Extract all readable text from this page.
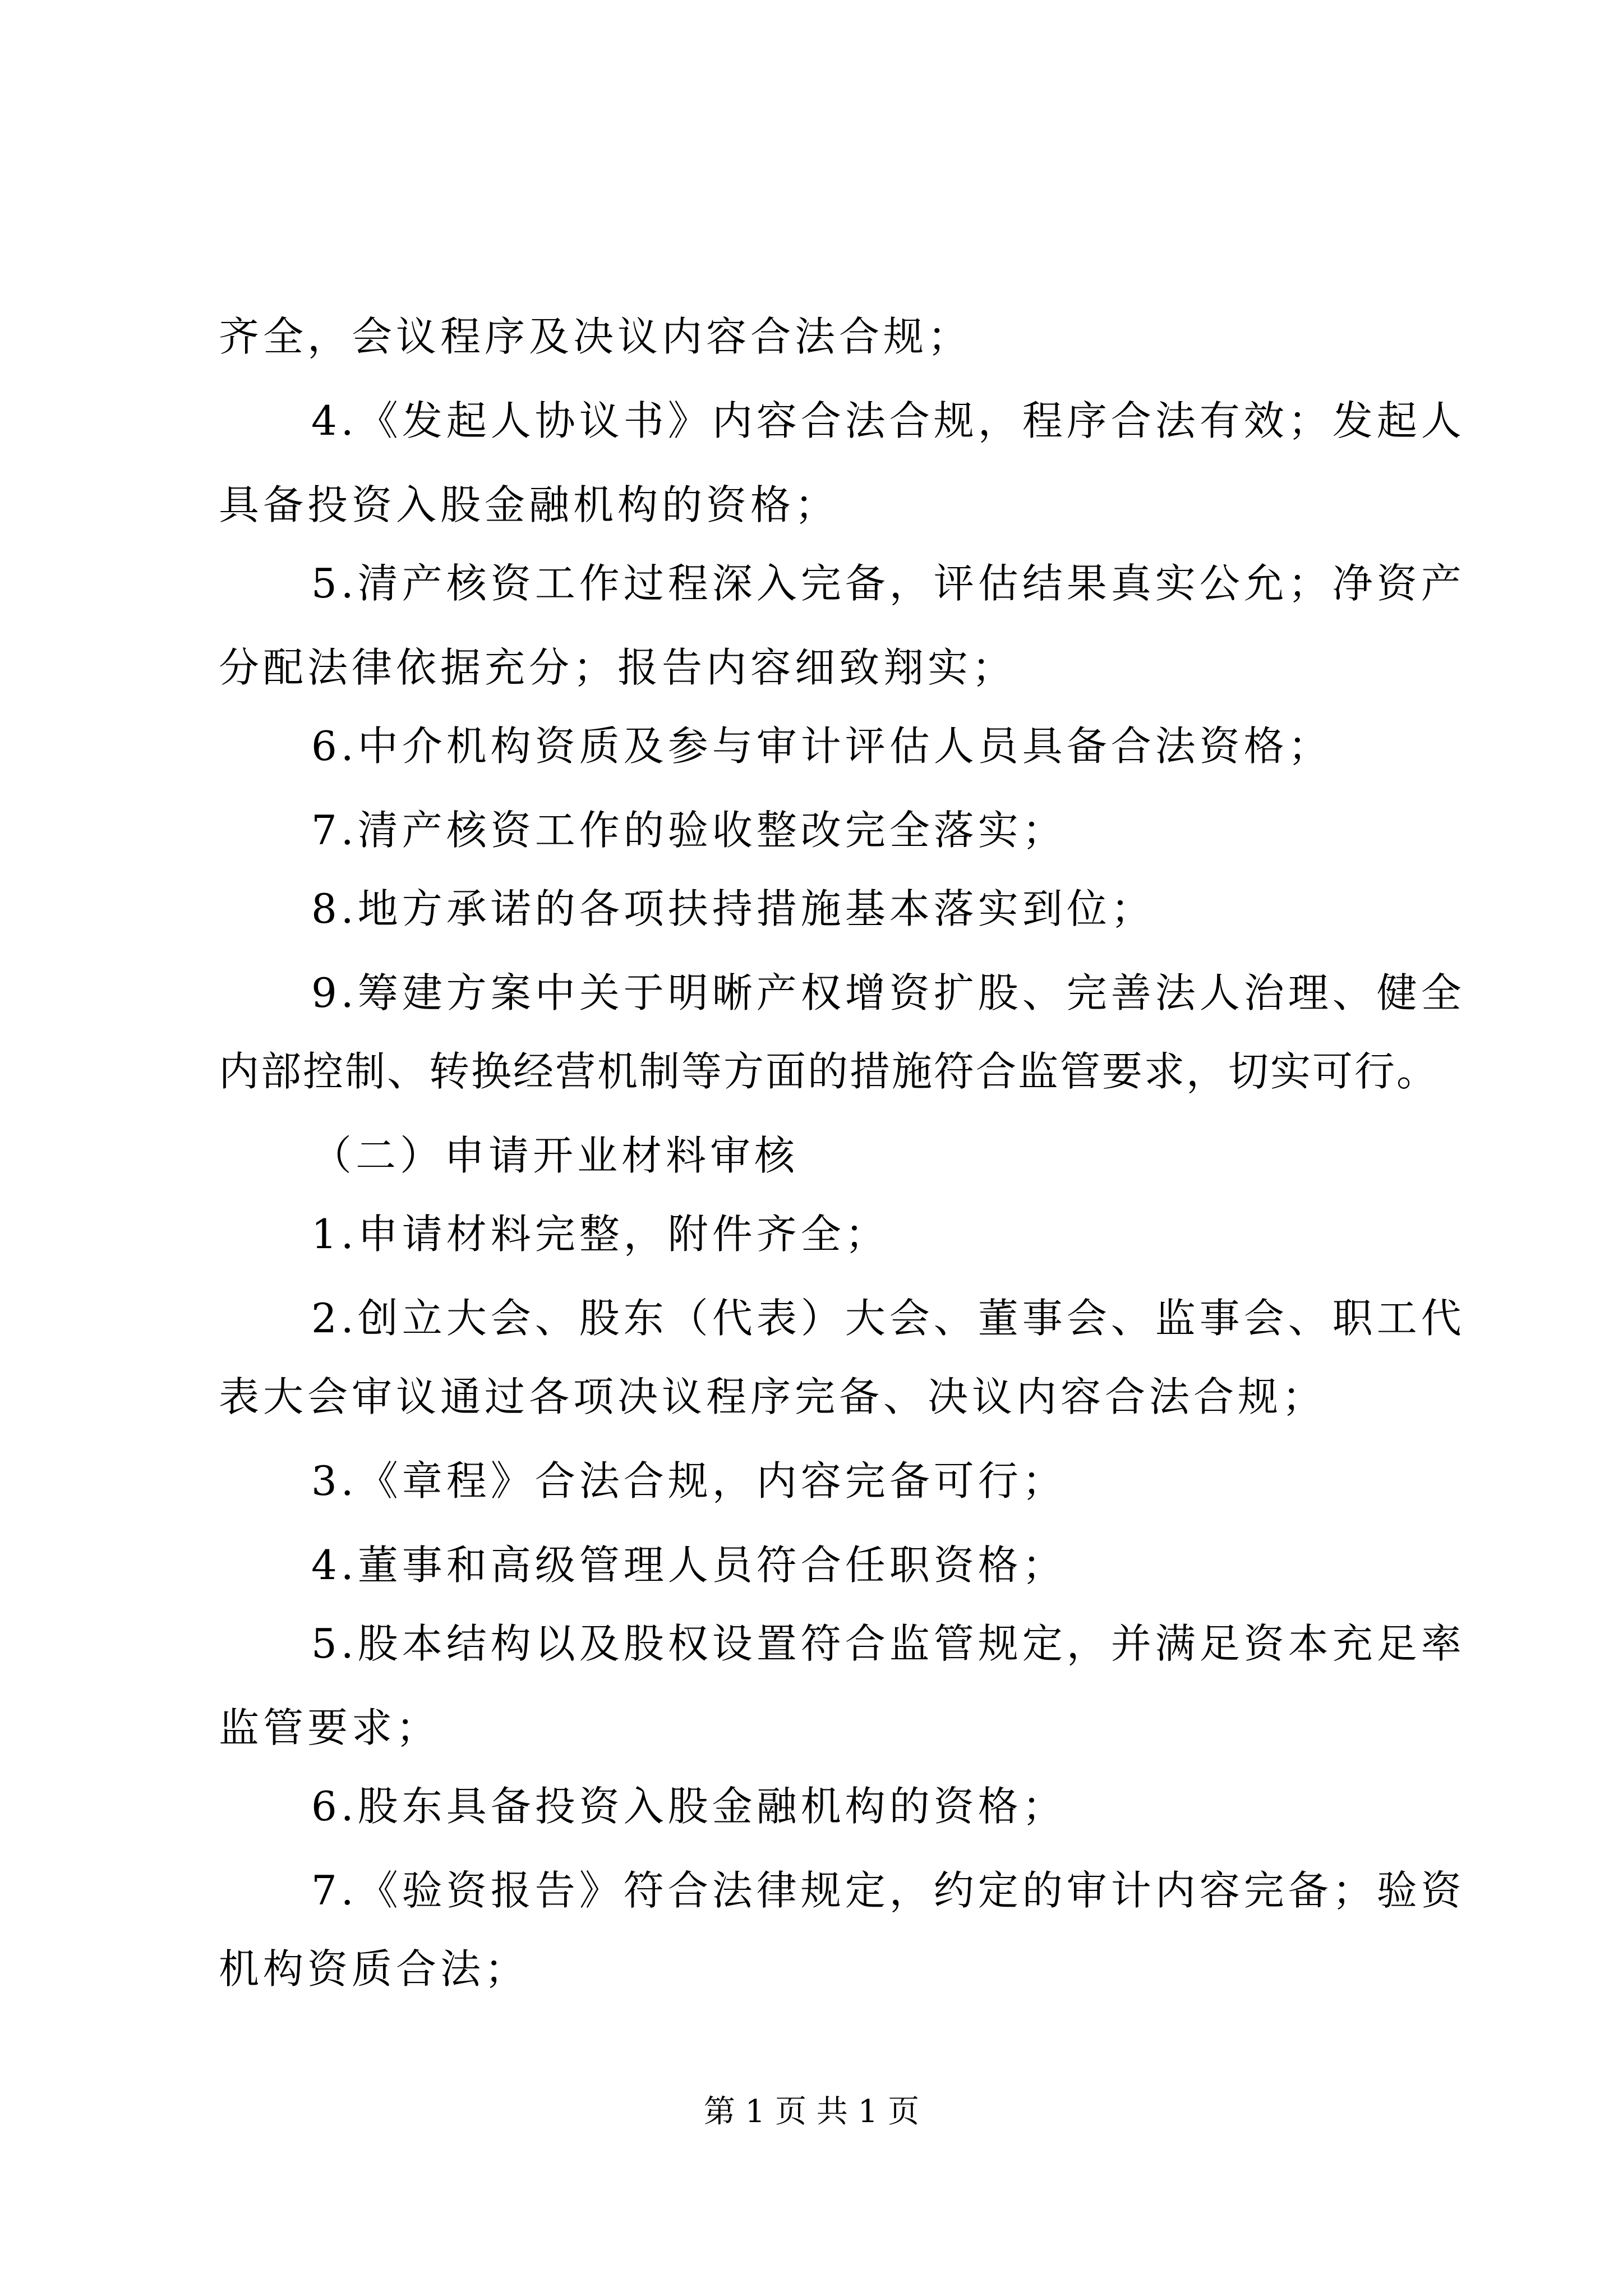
齐全，会议程序及决议内容合法合规；
4.《发起人协议书》内容合法合规，程序合法有效；发起人
具备投资入股金融机构的资格；
5.清产核资工作过程深入完备，评估结果真实公允；净资产
分配法律依据充分；报告内容细致翔实；
6.中介机构资质及参与审计评估人员具备合法资格；
7.清产核资工作的验收整改完全落实；
8.地方承诺的各项扶持措施基本落实到位；
9.筹建方案中关于明晰产权增资扩股、完善法人治理、健全
内部控制、转换经营机制等方面的措施符合监管要求，切实可行。
（二）申请开业材料审核
1.申请材料完整，附件齐全；
2.创立大会、股东（代表）大会、董事会、监事会、职工代
表大会审议通过各项决议程序完备、决议内容合法合规；
3.《章程》合法合规，内容完备可行；
4.董事和高级管理人员符合任职资格；
5.股本结构以及股权设置符合监管规定，并满足资本充足率
监管要求；
6.股东具备投资入股金融机构的资格；
7.《验资报告》符合法律规定，约定的审计内容完备；验资
机构资质合法；
第 1 页 共 1 页
